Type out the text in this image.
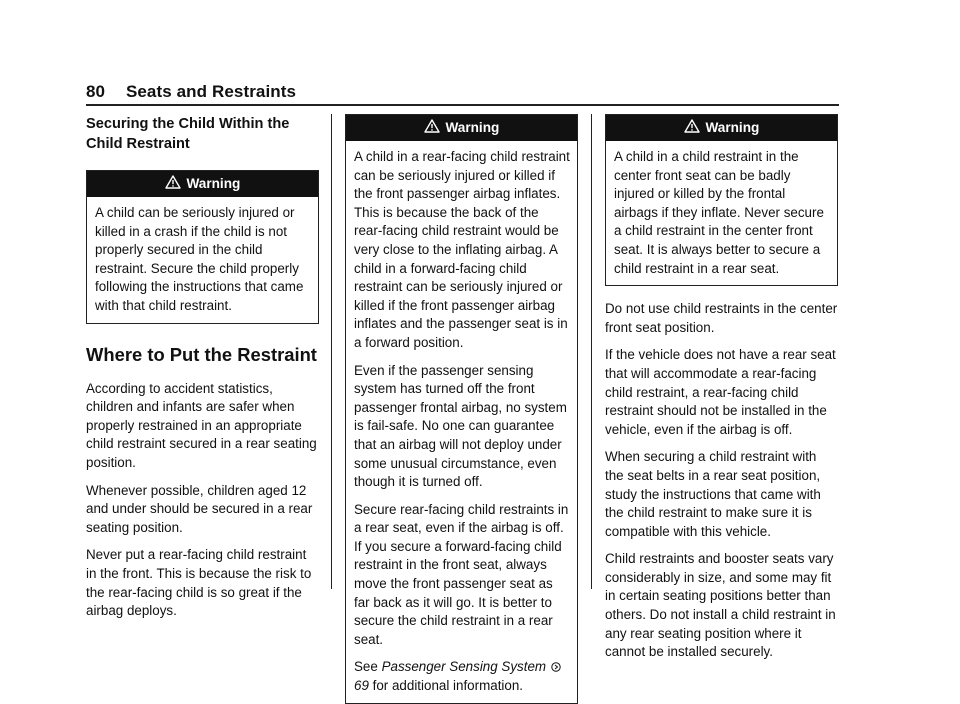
80 Seats and Restraints
Securing the Child Within the Child Restraint
Warning

A child can be seriously injured or killed in a crash if the child is not properly secured in the child restraint. Secure the child properly following the instructions that came with that child restraint.

Where to Put the Restraint

According to accident statistics, children and infants are safer when properly restrained in an appropriate child restraint secured in a rear seating position.

Whenever possible, children aged 12 and under should be secured in a rear seating position.

Never put a rear-facing child restraint in the front. This is because the risk to the rear-facing child is so great if the airbag deploys.

Warning

A child in a rear-facing child restraint can be seriously injured or killed if the front passenger airbag inflates. This is because the back of the rear-facing child restraint would be very close to the inflating airbag. A child in a forward-facing child restraint can be seriously injured or killed if the front passenger airbag inflates and the passenger seat is in a forward position.

Even if the passenger sensing system has turned off the front passenger frontal airbag, no system is fail-safe. No one can guarantee that an airbag will not deploy under some unusual circumstance, even though it is turned off.

Secure rear-facing child restraints in a rear seat, even if the airbag is off. If you secure a forward-facing child restraint in the front seat, always move the front passenger seat as far back as it will go. It is better to secure the child restraint in a rear seat.

See Passenger Sensing System 69 for additional information.

Warning

A child in a child restraint in the center front seat can be badly injured or killed by the frontal airbags if they inflate. Never secure a child restraint in the center front seat. It is always better to secure a child restraint in a rear seat.

Do not use child restraints in the center front seat position.

If the vehicle does not have a rear seat that will accommodate a rear-facing child restraint, a rear-facing child restraint should not be installed in the vehicle, even if the airbag is off.

When securing a child restraint with the seat belts in a rear seat position, study the instructions that came with the child restraint to make sure it is compatible with this vehicle.

Child restraints and booster seats vary considerably in size, and some may fit in certain seating positions better than others. Do not install a child restraint in any rear seating position where it cannot be installed securely.
